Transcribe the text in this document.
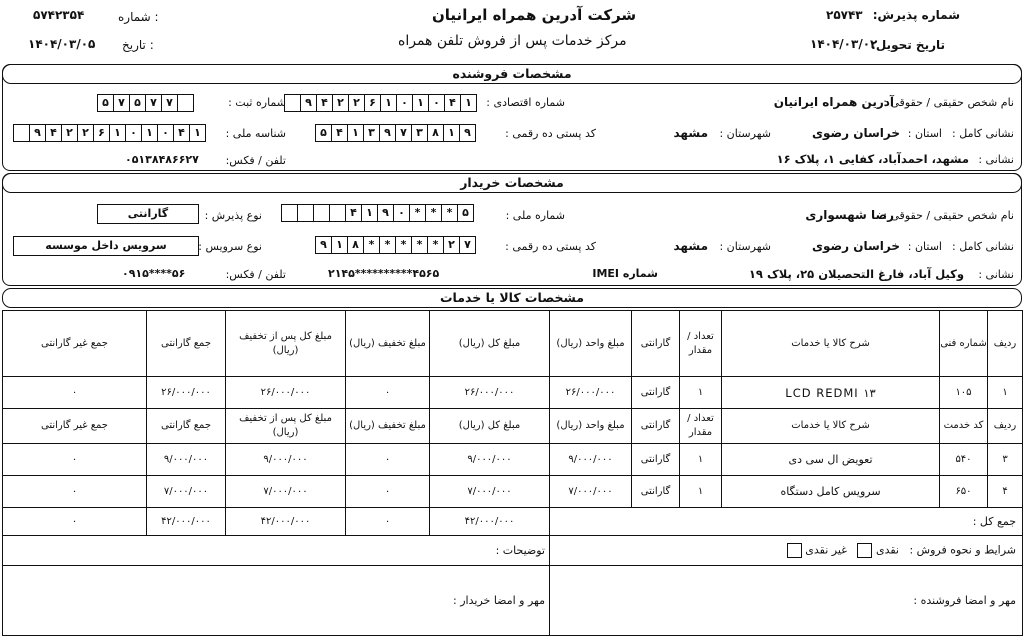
شرکت آدرین همراه ایرانیان
مرکز خدمات پس از فروش تلفن همراه
شماره :
۵۷۴۲۳۵۴
تاریخ :
۱۴۰۴/۰۳/۰۵
شماره پذیرش:
۲۵۷۴۳
تاریخ تحویل:
۱۴۰۴/۰۳/۰۲
مشخصات فروشنده
نام شخص حقیقی / حقوقی :
آدرین همراه ایرانیان
شماره اقتصادی :
۱
۴
۰
۱
۰
۱
۶
۲
۲
۴
۹
شماره ثبت :
۷
۷
۵
۷
۵
نشانی کامل :
استان :
خراسان رضوی
شهرستان :
مشهد
کد پستی ده رقمی :
۹
۱
۸
۳
۷
۹
۳
۱
۴
۵
شناسه ملی :
۱
۴
۰
۱
۰
۱
۶
۲
۲
۴
۹
نشانی :
مشهد، احمدآباد، کفایی ۱، پلاک ۱۶
تلفن / فکس:
۰۵۱۳۸۴۸۶۶۲۷
مشخصات خریدار
نام شخص حقیقی / حقوقی :
رضا شهسواری
شماره ملی :
۵
*
*
*
۰
۹
۱
۴
نوع پذیرش :
گارانتی
نشانی کامل :
استان :
خراسان رضوی
شهرستان :
مشهد
کد پستی ده رقمی :
۷
۲
*
*
*
*
*
۸
۱
۹
نوع سرویس :
سرویس داخل موسسه
نشانی :
وکیل آباد، فارغ التحصیلان ۲۵، پلاک ۱۹
شماره IMEI
۲۱۴۵**********۴۵۶۵
تلفن / فکس:
۰۹۱۵****۵۶
مشخصات کالا یا خدمات
ردیف	شماره فنی	شرح کالا یا خدمات	تعداد / مقدار	گارانتی	مبلغ واحد (ریال)	مبلغ کل (ریال)	مبلغ تخفیف (ریال)	مبلغ کل پس از تخفیف (ریال)	جمع گارانتی	جمع غیر گارانتی
۱	۱۰۵	LCD REDMI ۱۳	۱	گارانتی	۲۶/۰۰۰/۰۰۰	۲۶/۰۰۰/۰۰۰	۰	۲۶/۰۰۰/۰۰۰	۲۶/۰۰۰/۰۰۰	۰
ردیف	کد خدمت	شرح کالا یا خدمات	تعداد / مقدار	گارانتی	مبلغ واحد (ریال)	مبلغ کل (ریال)	مبلغ تخفیف (ریال)	مبلغ کل پس از تخفیف (ریال)	جمع گارانتی	جمع غیر گارانتی
۳	۵۴۰	تعویض ال سی دی	۱	گارانتی	۹/۰۰۰/۰۰۰	۹/۰۰۰/۰۰۰	۰	۹/۰۰۰/۰۰۰	۹/۰۰۰/۰۰۰	۰
۴	۶۵۰	سرویس کامل دستگاه	۱	گارانتی	۷/۰۰۰/۰۰۰	۷/۰۰۰/۰۰۰	۰	۷/۰۰۰/۰۰۰	۷/۰۰۰/۰۰۰	۰
جمع کل :						۴۲/۰۰۰/۰۰۰	۰	۴۲/۰۰۰/۰۰۰	۴۲/۰۰۰/۰۰۰	۰
شرایط و نحوه فروش :   نقدی    غیر نقدی						توضیحات :				
مهر و امضا فروشنده :						مهر و امضا خریدار :				
